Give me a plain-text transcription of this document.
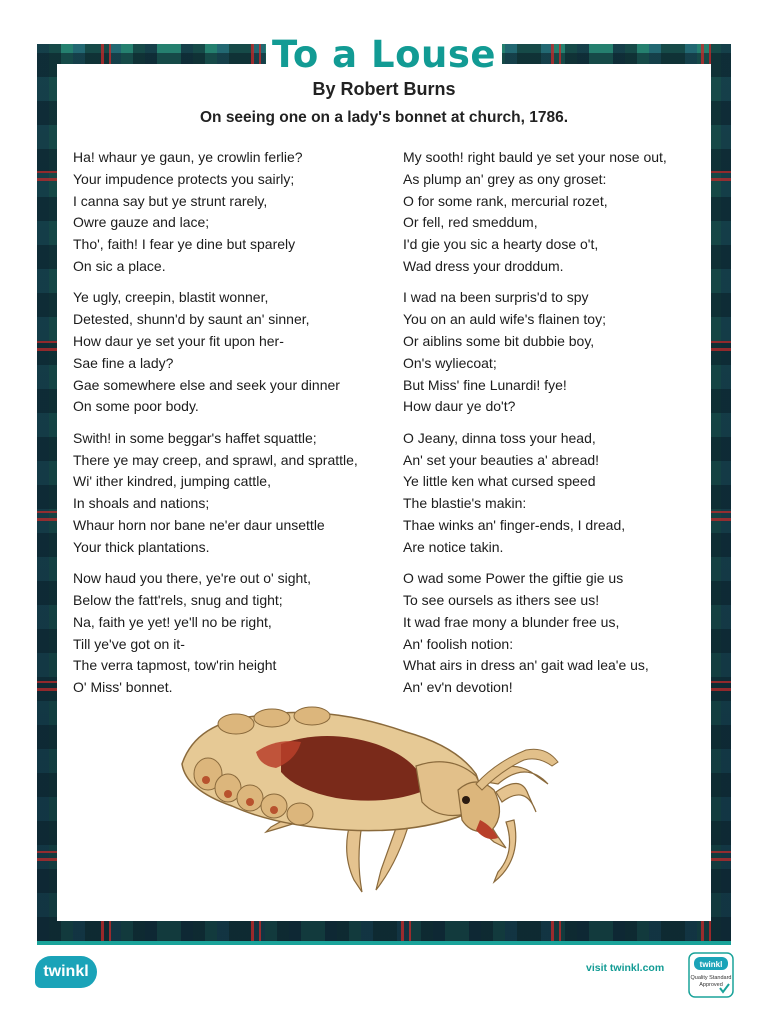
To a Louse
By Robert Burns
On seeing one on a lady's bonnet at church, 1786.
Ha! whaur ye gaun, ye crowlin ferlie?
Your impudence protects you sairly;
I canna say but ye strunt rarely,
Owre gauze and lace;
Tho', faith! I fear ye dine but sparely
On sic a place.
Ye ugly, creepin, blastit wonner,
Detested, shunn'd by saunt an' sinner,
How daur ye set your fit upon her-
Sae fine a lady?
Gae somewhere else and seek your dinner
On some poor body.
Swith! in some beggar's haffet squattle;
There ye may creep, and sprawl, and sprattle,
Wi' ither kindred, jumping cattle,
In shoals and nations;
Whaur horn nor bane ne'er daur unsettle
Your thick plantations.
Now haud you there, ye're out o' sight,
Below the fatt'rels, snug and tight;
Na, faith ye yet! ye'll no be right,
Till ye've got on it-
The verra tapmost, tow'rin height
O' Miss' bonnet.
My sooth! right bauld ye set your nose out,
As plump an' grey as ony groset:
O for some rank, mercurial rozet,
Or fell, red smeddum,
I'd gie you sic a hearty dose o't,
Wad dress your droddum.
I wad na been surpris'd to spy
You on an auld wife's flainen toy;
Or aiblins some bit dubbie boy,
On's wyliecoat;
But Miss' fine Lunardi! fye!
How daur ye do't?
O Jeany, dinna toss your head,
An' set your beauties a' abread!
Ye little ken what cursed speed
The blastie's makin:
Thae winks an' finger-ends, I dread,
Are notice takin.
O wad some Power the giftie gie us
To see oursels as ithers see us!
It wad frae mony a blunder free us,
An' foolish notion:
What airs in dress an' gait wad lea'e us,
An' ev'n devotion!
twinkl	visit twinkl.com	twinkl
Quality Standard
Approved
